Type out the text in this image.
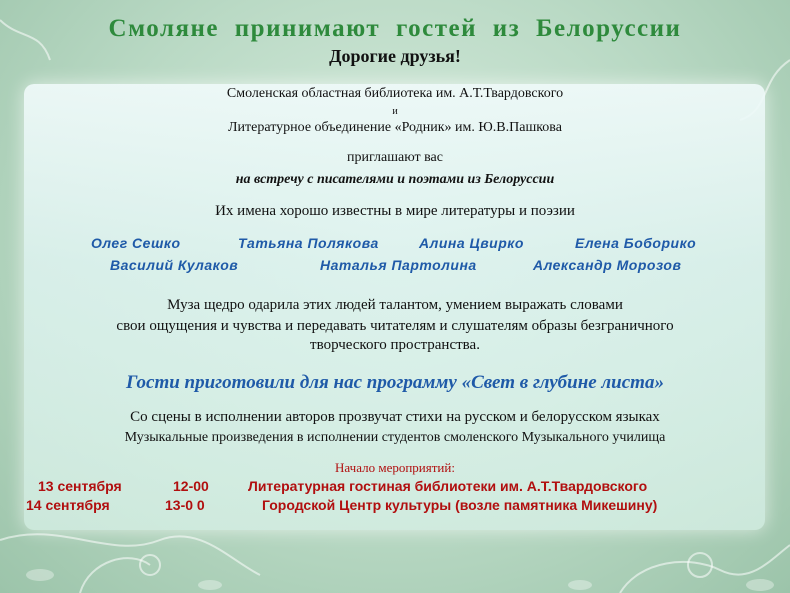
Смоляне принимают гостей из Белоруссии
Дорогие друзья!
Смоленская областная библиотека им. А.Т.Твардовского
и
Литературное объединение «Родник» им. Ю.В.Пашкова
приглашают вас
на встречу с писателями и поэтами из Белоруссии
Их имена хорошо известны в мире литературы и поэзии
Олег Сешко	Татьяна Полякова	Алина Цвирко	Елена Боборико
Василий Кулаков	Наталья Партолина	Александр Морозов
Муза щедро одарила этих людей талантом, умением выражать словами
свои ощущения и чувства и передавать читателям и слушателям образы безграничного
творческого пространства.
Гости приготовили для нас программу «Свет в глубине листа»
Со сцены в исполнении авторов прозвучат стихи на русском и белорусском языках
Музыкальные произведения в исполнении студентов смоленского Музыкального училища
Начало мероприятий:
13 сентября	12-00	Литературная гостиная библиотеки им. А.Т.Твардовского
14 сентября	13-0 0	Городской Центр культуры (возле памятника Микешину)
